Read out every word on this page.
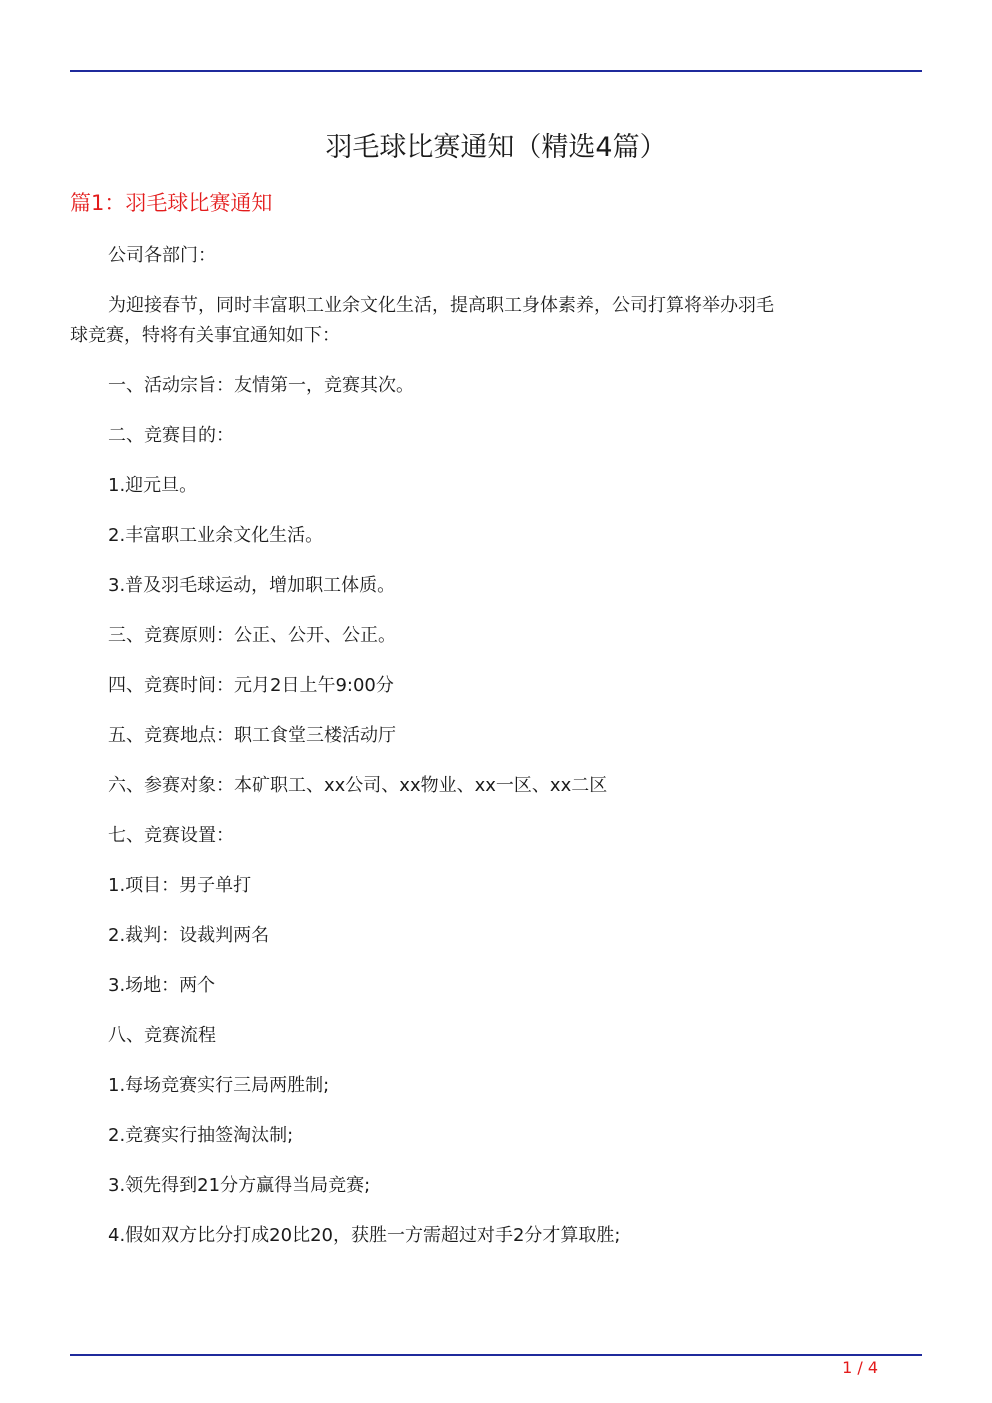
羽毛球比赛通知（精选4篇）
篇1：羽毛球比赛通知

公司各部门：

为迎接春节，同时丰富职工业余文化生活，提高职工身体素养，公司打算将举办羽毛球竞赛，特将有关事宜通知如下：

一、活动宗旨：友情第一，竞赛其次。

二、竞赛目的：

1.迎元旦。

2.丰富职工业余文化生活。

3.普及羽毛球运动，增加职工体质。

三、竞赛原则：公正、公开、公正。

四、竞赛时间：元月2日上午9:00分

五、竞赛地点：职工食堂三楼活动厅

六、参赛对象：本矿职工、xx公司、xx物业、xx一区、xx二区

七、竞赛设置：

1.项目：男子单打

2.裁判：设裁判两名

3.场地：两个

八、竞赛流程

1.每场竞赛实行三局两胜制;

2.竞赛实行抽签淘汰制;

3.领先得到21分方赢得当局竞赛;

4.假如双方比分打成20比20，获胜一方需超过对手2分才算取胜;

1 / 4
